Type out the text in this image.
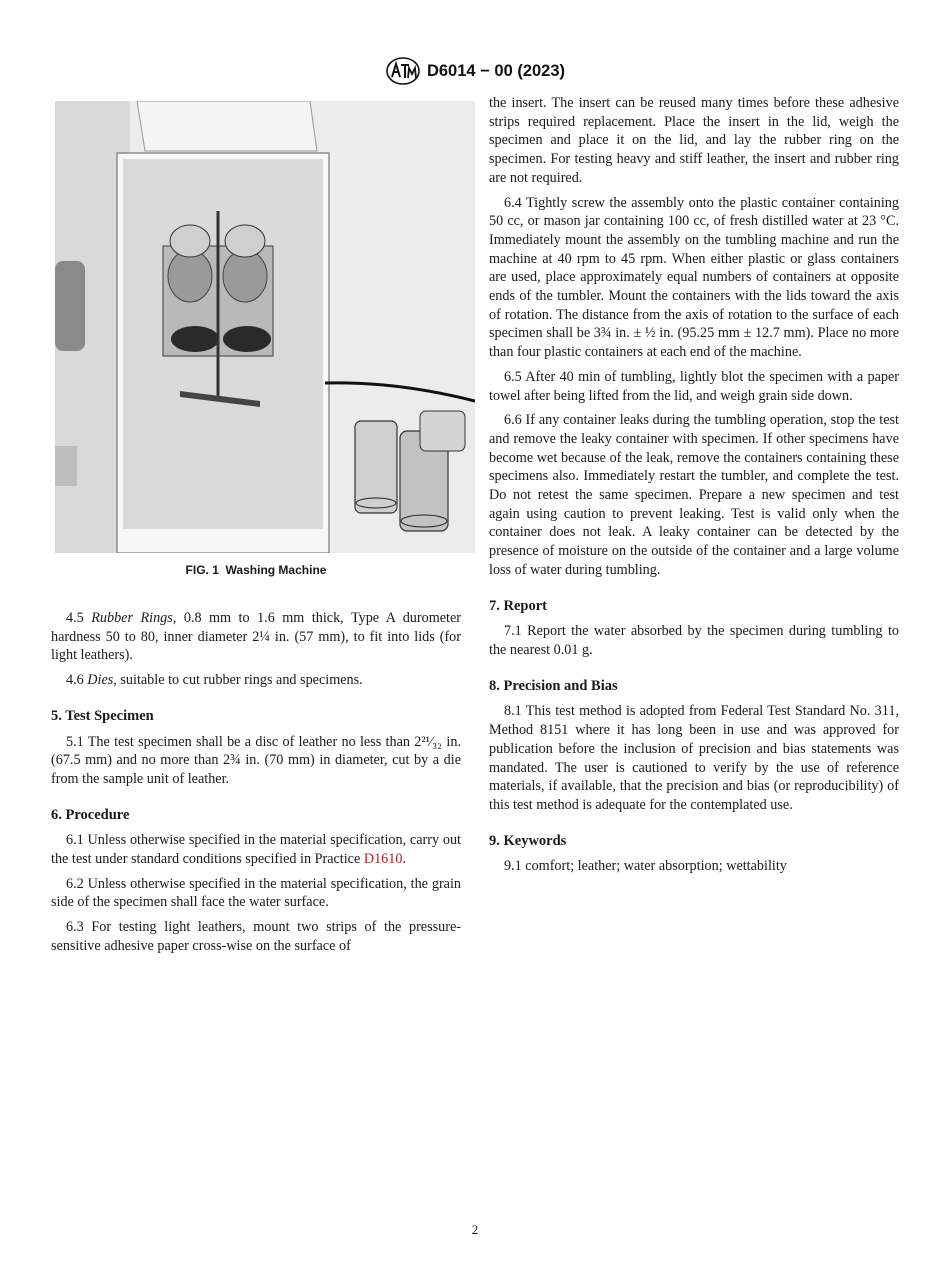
D6014 − 00 (2023)
FIG. 1 Washing Machine

4.5 Rubber Rings, 0.8 mm to 1.6 mm thick, Type A durometer hardness 50 to 80, inner diameter 2¼ in. (57 mm), to fit into lids (for light leathers).

4.6 Dies, suitable to cut rubber rings and specimens.

5. Test Specimen

5.1 The test specimen shall be a disc of leather no less than 2²¹⁄₃₂ in. (67.5 mm) and no more than 2¾ in. (70 mm) in diameter, cut by a die from the sample unit of leather.

6. Procedure

6.1 Unless otherwise specified in the material specification, carry out the test under standard conditions specified in Practice D1610.

6.2 Unless otherwise specified in the material specification, the grain side of the specimen shall face the water surface.

6.3 For testing light leathers, mount two strips of the pressure-sensitive adhesive paper cross-wise on the surface of

the insert. The insert can be reused many times before these adhesive strips required replacement. Place the insert in the lid, weigh the specimen and place it on the lid, and lay the rubber ring on the specimen. For testing heavy and stiff leather, the insert and rubber ring are not required.

6.4 Tightly screw the assembly onto the plastic container containing 50 cc, or mason jar containing 100 cc, of fresh distilled water at 23 °C. Immediately mount the assembly on the tumbling machine and run the machine at 40 rpm to 45 rpm. When either plastic or glass containers are used, place approximately equal numbers of containers at opposite ends of the tumbler. Mount the containers with the lids toward the axis of rotation. The distance from the axis of rotation to the surface of each specimen shall be 3¾ in. ± ½ in. (95.25 mm ± 12.7 mm). Place no more than four plastic containers at each end of the machine.

6.5 After 40 min of tumbling, lightly blot the specimen with a paper towel after being lifted from the lid, and weigh grain side down.

6.6 If any container leaks during the tumbling operation, stop the test and remove the leaky container with specimen. If other specimens have become wet because of the leak, remove the containers containing these specimens also. Immediately restart the tumbler, and complete the test. Do not retest the same specimen. Prepare a new specimen and test again using caution to prevent leaking. Test is valid only when the container does not leak. A leaky container can be detected by the presence of moisture on the outside of the container and a large volume loss of water during tumbling.

7. Report

7.1 Report the water absorbed by the specimen during tumbling to the nearest 0.01 g.

8. Precision and Bias

8.1 This test method is adopted from Federal Test Standard No. 311, Method 8151 where it has long been in use and was approved for publication before the inclusion of precision and bias statements was mandated. The user is cautioned to verify by the use of reference materials, if available, that the precision and bias (or reproducibility) of this test method is adequate for the contemplated use.

9. Keywords

9.1 comfort; leather; water absorption; wettability

2
